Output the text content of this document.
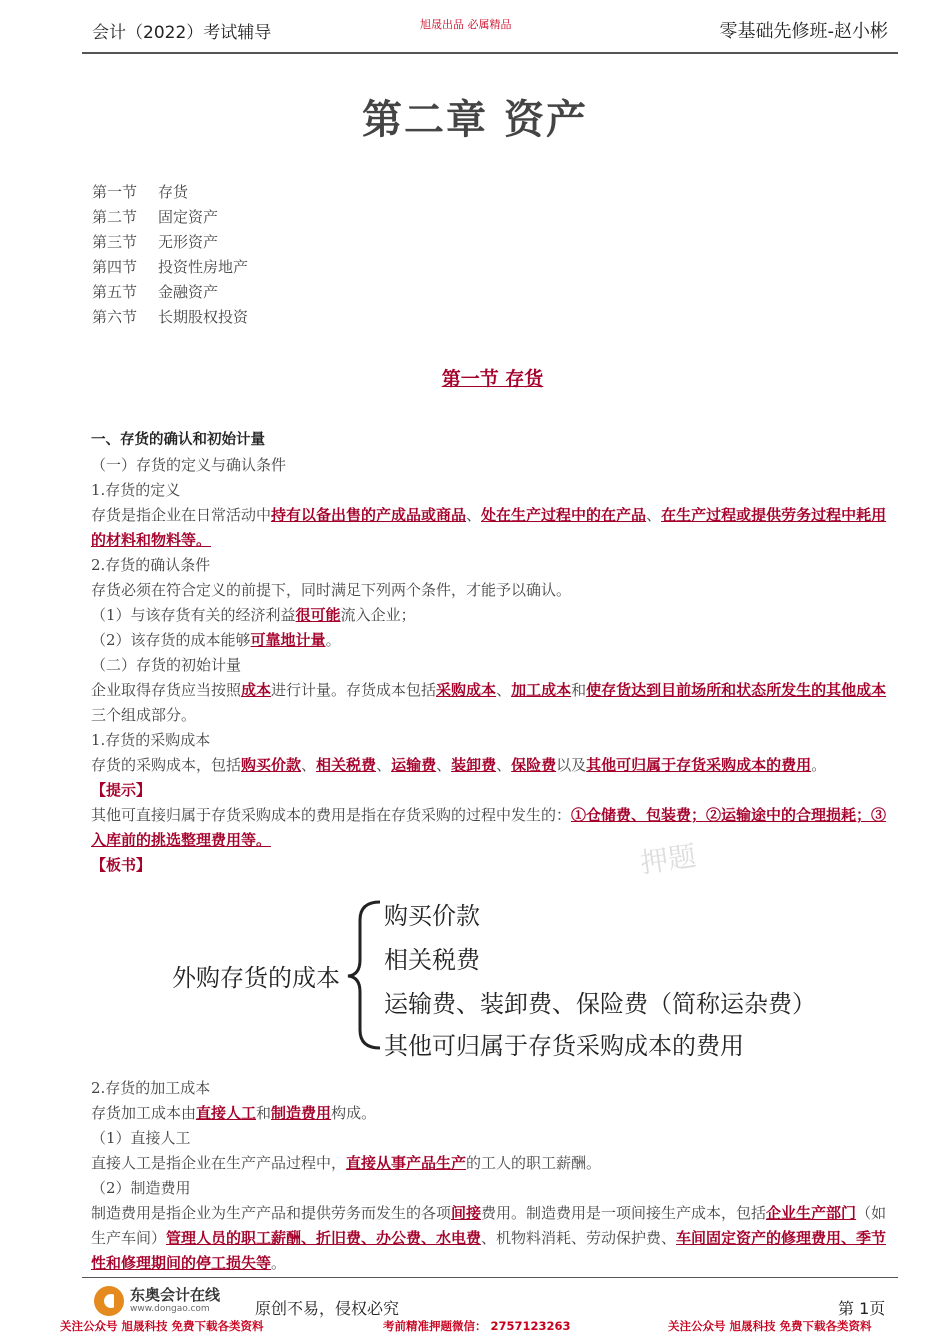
会计（2022）考试辅导	旭晟出品 必属精品	零基础先修班-赵小彬
第二章 资产
第一节 存货
第二节 固定资产
第三节 无形资产
第四节 投资性房地产
第五节 金融资产
第六节 长期股权投资
第一节 存货

一、存货的确认和初始计量

（一）存货的定义与确认条件

1.存货的定义

存货是指企业在日常活动中持有以备出售的产成品或商品、处在生产过程中的在产品、在生产过程或提供劳务过程中耗用的材料和物料等。

2.存货的确认条件

存货必须在符合定义的前提下，同时满足下列两个条件，才能予以确认。

（1）与该存货有关的经济利益很可能流入企业；

（2）该存货的成本能够可靠地计量。

（二）存货的初始计量

企业取得存货应当按照成本进行计量。存货成本包括采购成本、加工成本和使存货达到目前场所和状态所发生的其他成本三个组成部分。

1.存货的采购成本

存货的采购成本，包括购买价款、相关税费、运输费、装卸费、保险费以及其他可归属于存货采购成本的费用。

【提示】

其他可直接归属于存货采购成本的费用是指在存货采购的过程中发生的：①仓储费、包装费；②运输途中的合理损耗；③入库前的挑选整理费用等。

【板书】	押题
外购存货的成本
购买价款
相关税费
运输费、装卸费、保险费（简称运杂费）
其他可归属于存货采购成本的费用

2.存货的加工成本

存货加工成本由直接人工和制造费用构成。

（1）直接人工

直接人工是指企业在生产产品过程中，直接从事产品生产的工人的职工薪酬。

（2）制造费用

制造费用是指企业为生产产品和提供劳务而发生的各项间接费用。制造费用是一项间接生产成本，包括企业生产部门（如生产车间）管理人员的职工薪酬、折旧费、办公费、水电费、机物料消耗、劳动保护费、车间固定资产的修理费用、季节性和修理期间的停工损失等。

东奥会计在线
www.dongao.com	原创不易，侵权必究	第 1页
关注公众号 旭晟科技 免费下载各类资料	考前精准押题微信： 2757123263	关注公众号 旭晟科技 免费下载各类资料
